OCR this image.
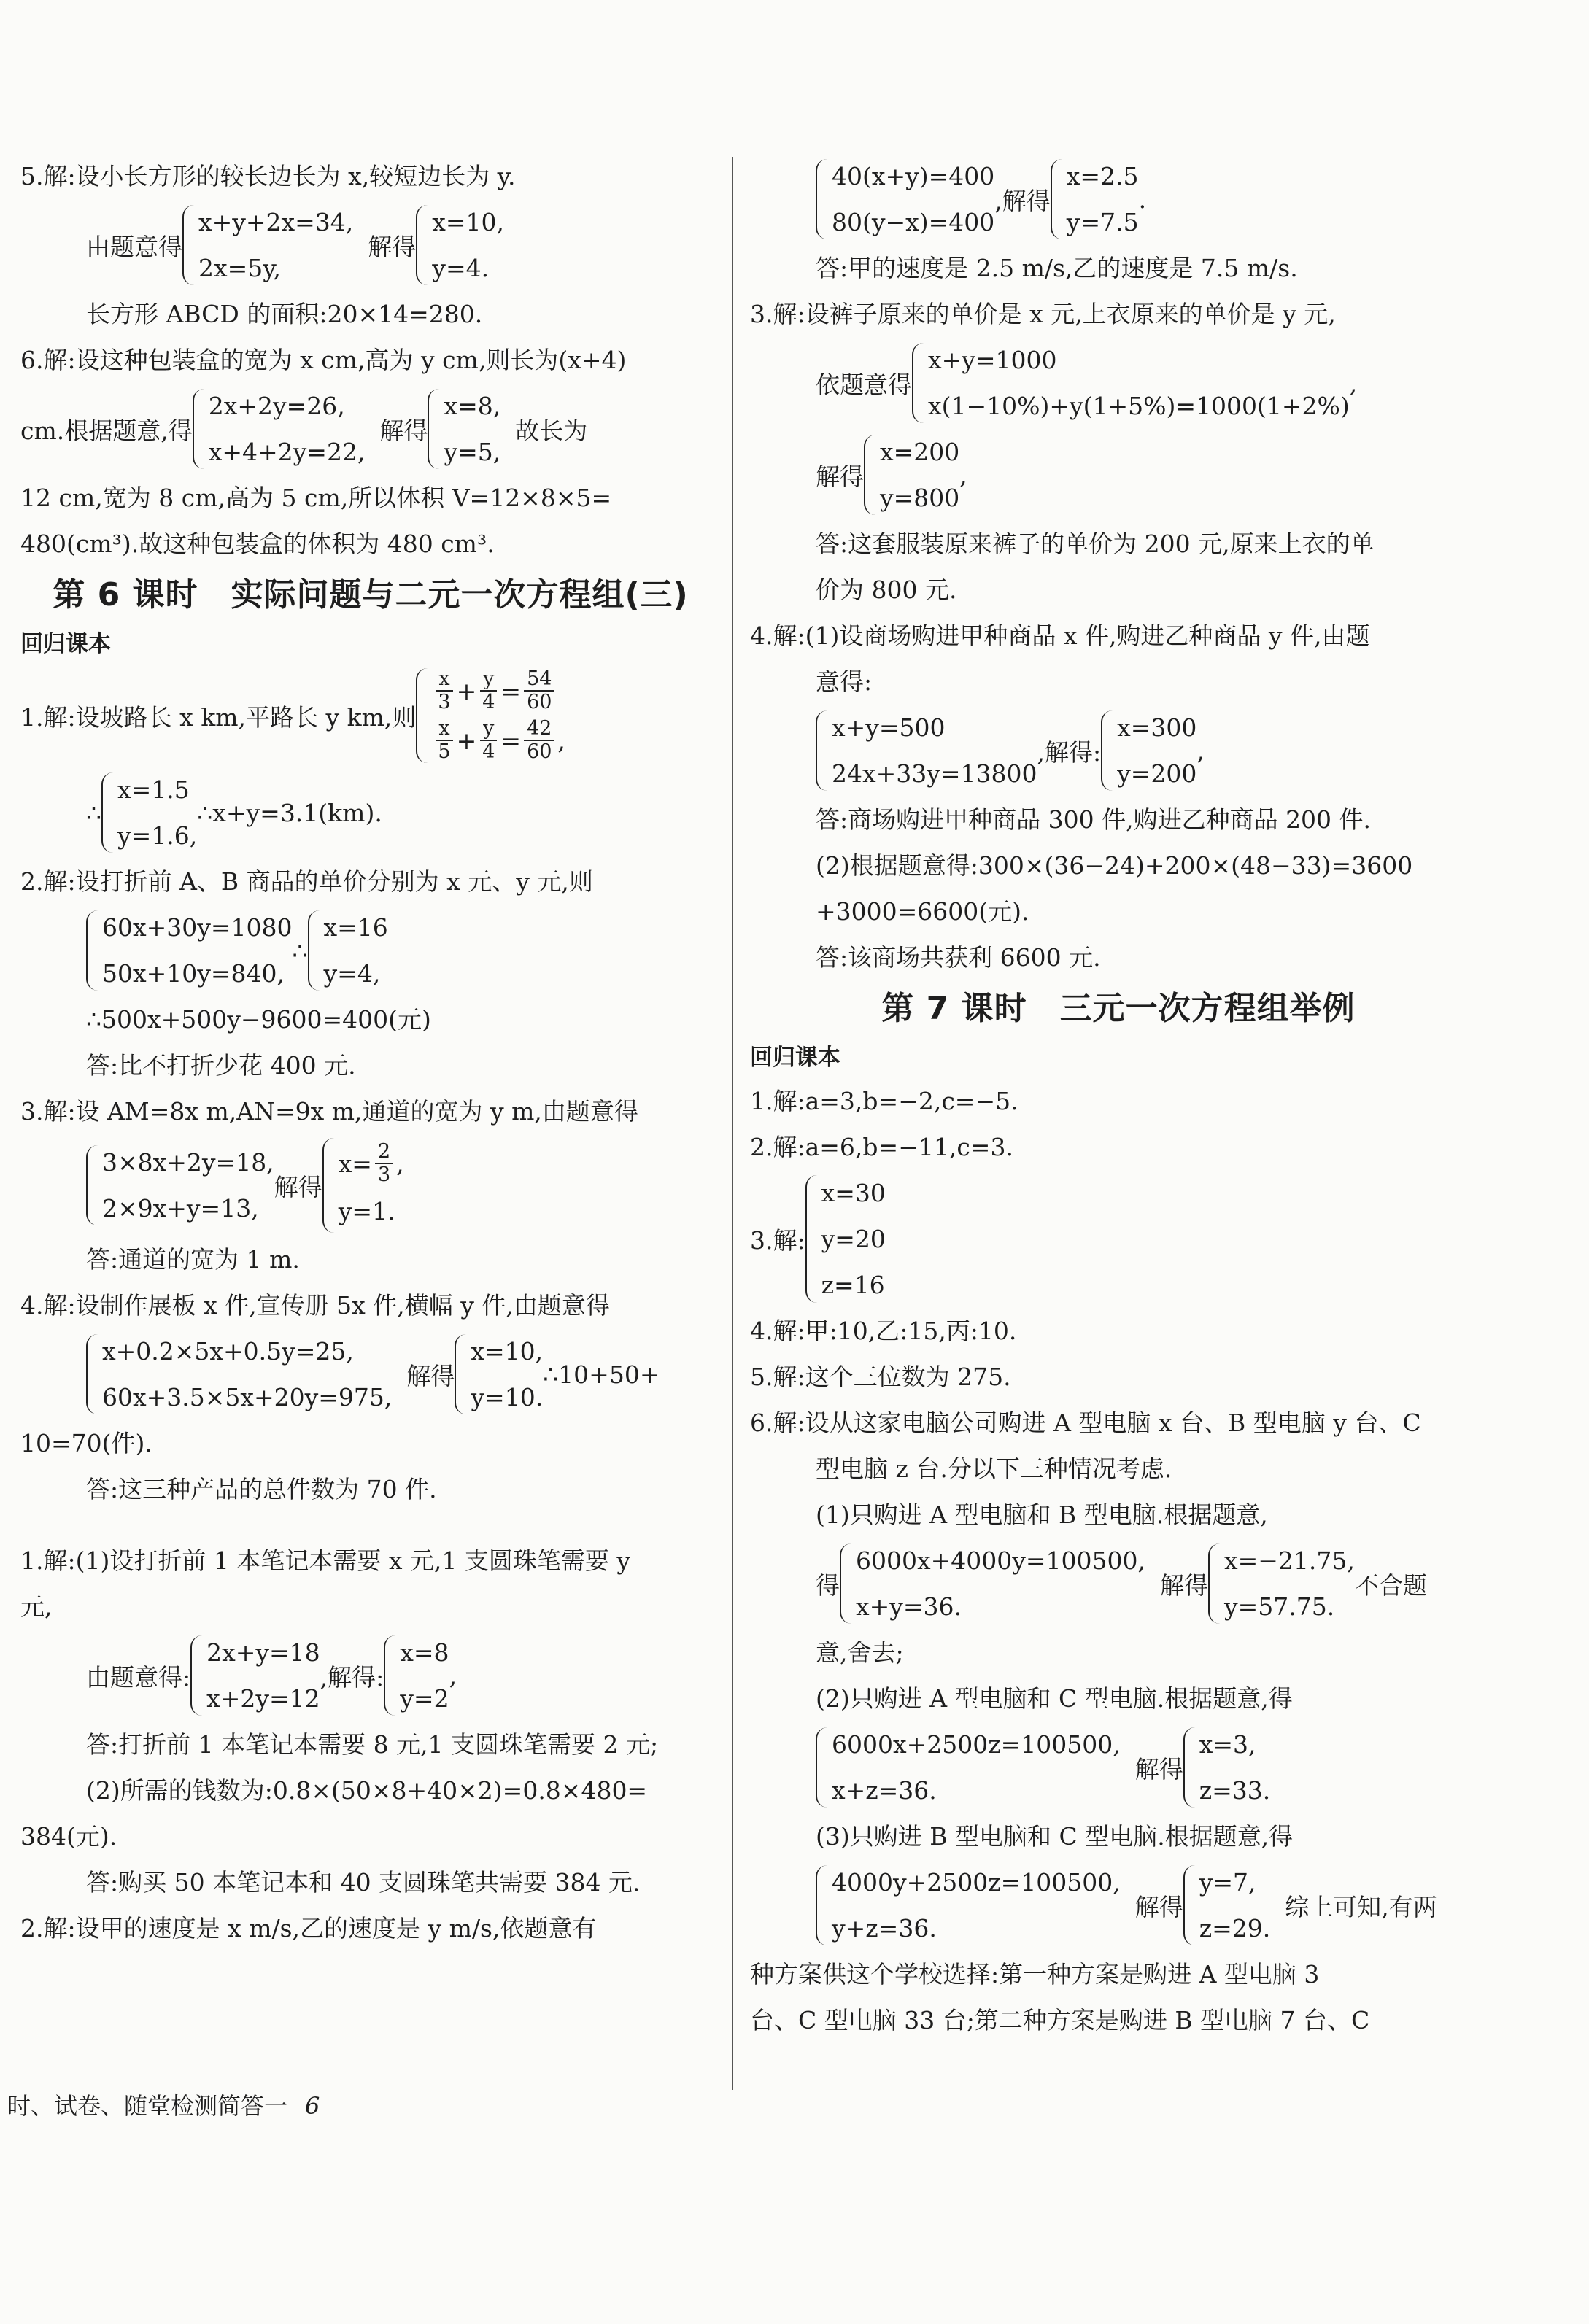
5.解:设小长方形的较长边长为 x,较短边长为 y.
由题意得
x+y+2x=34,
2x=5y,
解得
x=10,
y=4.
长方形 ABCD 的面积:20×14=280.
6.解:设这种包装盒的宽为 x cm,高为 y cm,则长为(x+4)
cm.根据题意,得
2x+2y=26,
x+4+2y=22,
解得
x=8,
y=5,
故长为
12 cm,宽为 8 cm,高为 5 cm,所以体积 V=12×8×5=
480(cm³).故这种包装盒的体积为 480 cm³.
第 6 课时　实际问题与二元一次方程组(三)
回归课本
1.解:设坡路长 x km,平路长 y km,则
$\frac{x}{3} + \frac{y}{4} = \frac{54}{60}$
$\frac{x}{5} + \frac{y}{4} = \frac{42}{60}$ ,
∴
x=1.5
y=1.6,
∴x+y=3.1(km).
2.解:设打折前 A、B 商品的单价分别为 x 元、y 元,则
60x+30y=1080
50x+10y=840,
∴
x=16
y=4,
∴500x+500y−9600=400(元)
答:比不打折少花 400 元.
3.解:设 AM=8x m,AN=9x m,通道的宽为 y m,由题意得
3×8x+2y=18,
2×9x+y=13,
解得
$x= \frac{2}{3}$ ,
y=1.
答:通道的宽为 1 m.
4.解:设制作展板 x 件,宣传册 5x 件,横幅 y 件,由题意得
x+0.2×5x+0.5y=25,
60x+3.5×5x+20y=975,
解得
x=10,
y=10.
∴10+50+
10=70(件).
答:这三种产品的总件数为 70 件.
1.解:(1)设打折前 1 本笔记本需要 x 元,1 支圆珠笔需要 y
元,
由题意得:
2x+y=18
x+2y=12
,解得:
x=8
y=2
,
答:打折前 1 本笔记本需要 8 元,1 支圆珠笔需要 2 元;
(2)所需的钱数为:0.8×(50×8+40×2)=0.8×480=
384(元).
答:购买 50 本笔记本和 40 支圆珠笔共需要 384 元.
2.解:设甲的速度是 x m/s,乙的速度是 y m/s,依题意有
40(x+y)=400
80(y−x)=400
,解得
x=2.5
y=7.5
.
答:甲的速度是 2.5 m/s,乙的速度是 7.5 m/s.
3.解:设裤子原来的单价是 x 元,上衣原来的单价是 y 元,
依题意得
x+y=1000
x(1−10%)+y(1+5%)=1000(1+2%)
,
解得
x=200
y=800
,
答:这套服装原来裤子的单价为 200 元,原来上衣的单
价为 800 元.
4.解:(1)设商场购进甲种商品 x 件,购进乙种商品 y 件,由题
意得:
x+y=500
24x+33y=13800
,解得:
x=300
y=200
,
答:商场购进甲种商品 300 件,购进乙种商品 200 件.
(2)根据题意得:300×(36−24)+200×(48−33)=3600
+3000=6600(元).
答:该商场共获利 6600 元.
第 7 课时　三元一次方程组举例
回归课本
1.解:a=3,b=−2,c=−5.
2.解:a=6,b=−11,c=3.
3.解:
x=30
y=20
z=16
4.解:甲:10,乙:15,丙:10.
5.解:这个三位数为 275.
6.解:设从这家电脑公司购进 A 型电脑 x 台、B 型电脑 y 台、C
型电脑 z 台.分以下三种情况考虑.
(1)只购进 A 型电脑和 B 型电脑.根据题意,
得
6000x+4000y=100500,
x+y=36.
解得
x=−21.75,
y=57.75.
不合题
意,舍去;
(2)只购进 A 型电脑和 C 型电脑.根据题意,得
6000x+2500z=100500,
x+z=36.
解得
x=3,
z=33.
(3)只购进 B 型电脑和 C 型电脑.根据题意,得
4000y+2500z=100500,
y+z=36.
解得
y=7,
z=29.
综上可知,有两
种方案供这个学校选择:第一种方案是购进 A 型电脑 3
台、C 型电脑 33 台;第二种方案是购进 B 型电脑 7 台、C
时、试卷、随堂检测简答一 6
